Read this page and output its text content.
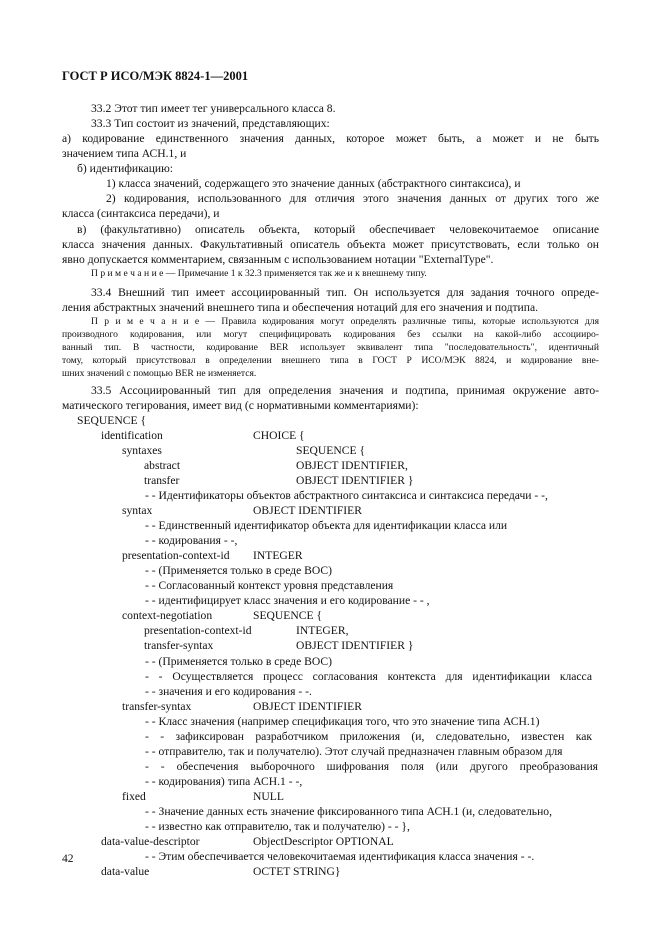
ГОСТ Р ИСО/МЭК 8824-1—2001
33.2 Этот тип имеет тег универсального класса 8.
33.3 Тип состоит из значений, представляющих:
а) кодирование единственного значения данных, которое может быть, а может и не быть
значением типа АСН.1, и
б) идентификацию:
1) класса значений, содержащего это значение данных (абстрактного синтаксиса), и
2) кодирования, использованного для отличия этого значения данных от других того же
класса (синтаксиса передачи), и
в) (факультативно) описатель объекта, который обеспечивает человекочитаемое описание
класса значения данных. Факультативный описатель объекта может присутствовать, если только он
явно допускается комментарием, связанным с использованием нотации "ExternalType".
П р и м е ч а н и е — Примечание 1 к 32.3 применяется так же и к внешнему типу.
33.4 Внешний тип имеет ассоциированный тип. Он используется для задания точного опреде-
ления абстрактных значений внешнего типа и обеспечения нотаций для его значения и подтипа.
П р и м е ч а н и е — Правила кодирования могут определять различные типы, которые используются для
производного кодирования, или могут специфицировать кодирования без ссылки на какой-либо ассоцииро-
ванный тип. В частности, кодирование BER использует эквивалент типа "последовательность", идентичный
тому, который присутствовал в определении внешнего типа в ГОСТ Р ИСО/МЭК 8824, и кодирование вне-
шних значений с помощью BER не изменяется.
33.5 Ассоциированный тип для определения значения и подтипа, принимая окружение авто-
матического тегирования, имеет вид (с нормативными комментариями):
SEQUENCE {
identification	CHOICE {
syntaxes	SEQUENCE {
abstract	OBJECT IDENTIFIER,
transfer	OBJECT IDENTIFIER }
- - Идентификаторы объектов абстрактного синтаксиса и синтаксиса передачи - -,
syntax	OBJECT IDENTIFIER
- - Единственный идентификатор объекта для идентификации класса или
- - кодирования - -,
presentation-context-id INTEGER
- - (Применяется только в среде ВОС)
- - Согласованный контекст уровня представления
- - идентифицирует класс значения и его кодирование - - ,
context-negotiation	SEQUENCE {
presentation-context-id	INTEGER,
transfer-syntax	OBJECT IDENTIFIER }
- - (Применяется только в среде ВОС)
- - Осуществляется процесс согласования контекста для идентификации класса
- - значения и его кодирования - -.
transfer-syntax	OBJECT IDENTIFIER
- - Класс значения (например спецификация того, что это значение типа АСН.1)
- - зафиксирован разработчиком приложения (и, следовательно, известен как
- - отправителю, так и получателю). Этот случай предназначен главным образом для
- - обеспечения выборочного шифрования поля (или другого преобразования
- - кодирования) типа АСН.1 - -,
fixed	NULL
- - Значение данных есть значение фиксированного типа АСН.1 (и, следовательно,
- - известно как отправителю, так и получателю) - - },
data-value-descriptor	ObjectDescriptor OPTIONAL
- - Этим обеспечивается человекочитаемая идентификация класса значения - -.
data-value	OCTET STRING}
42
